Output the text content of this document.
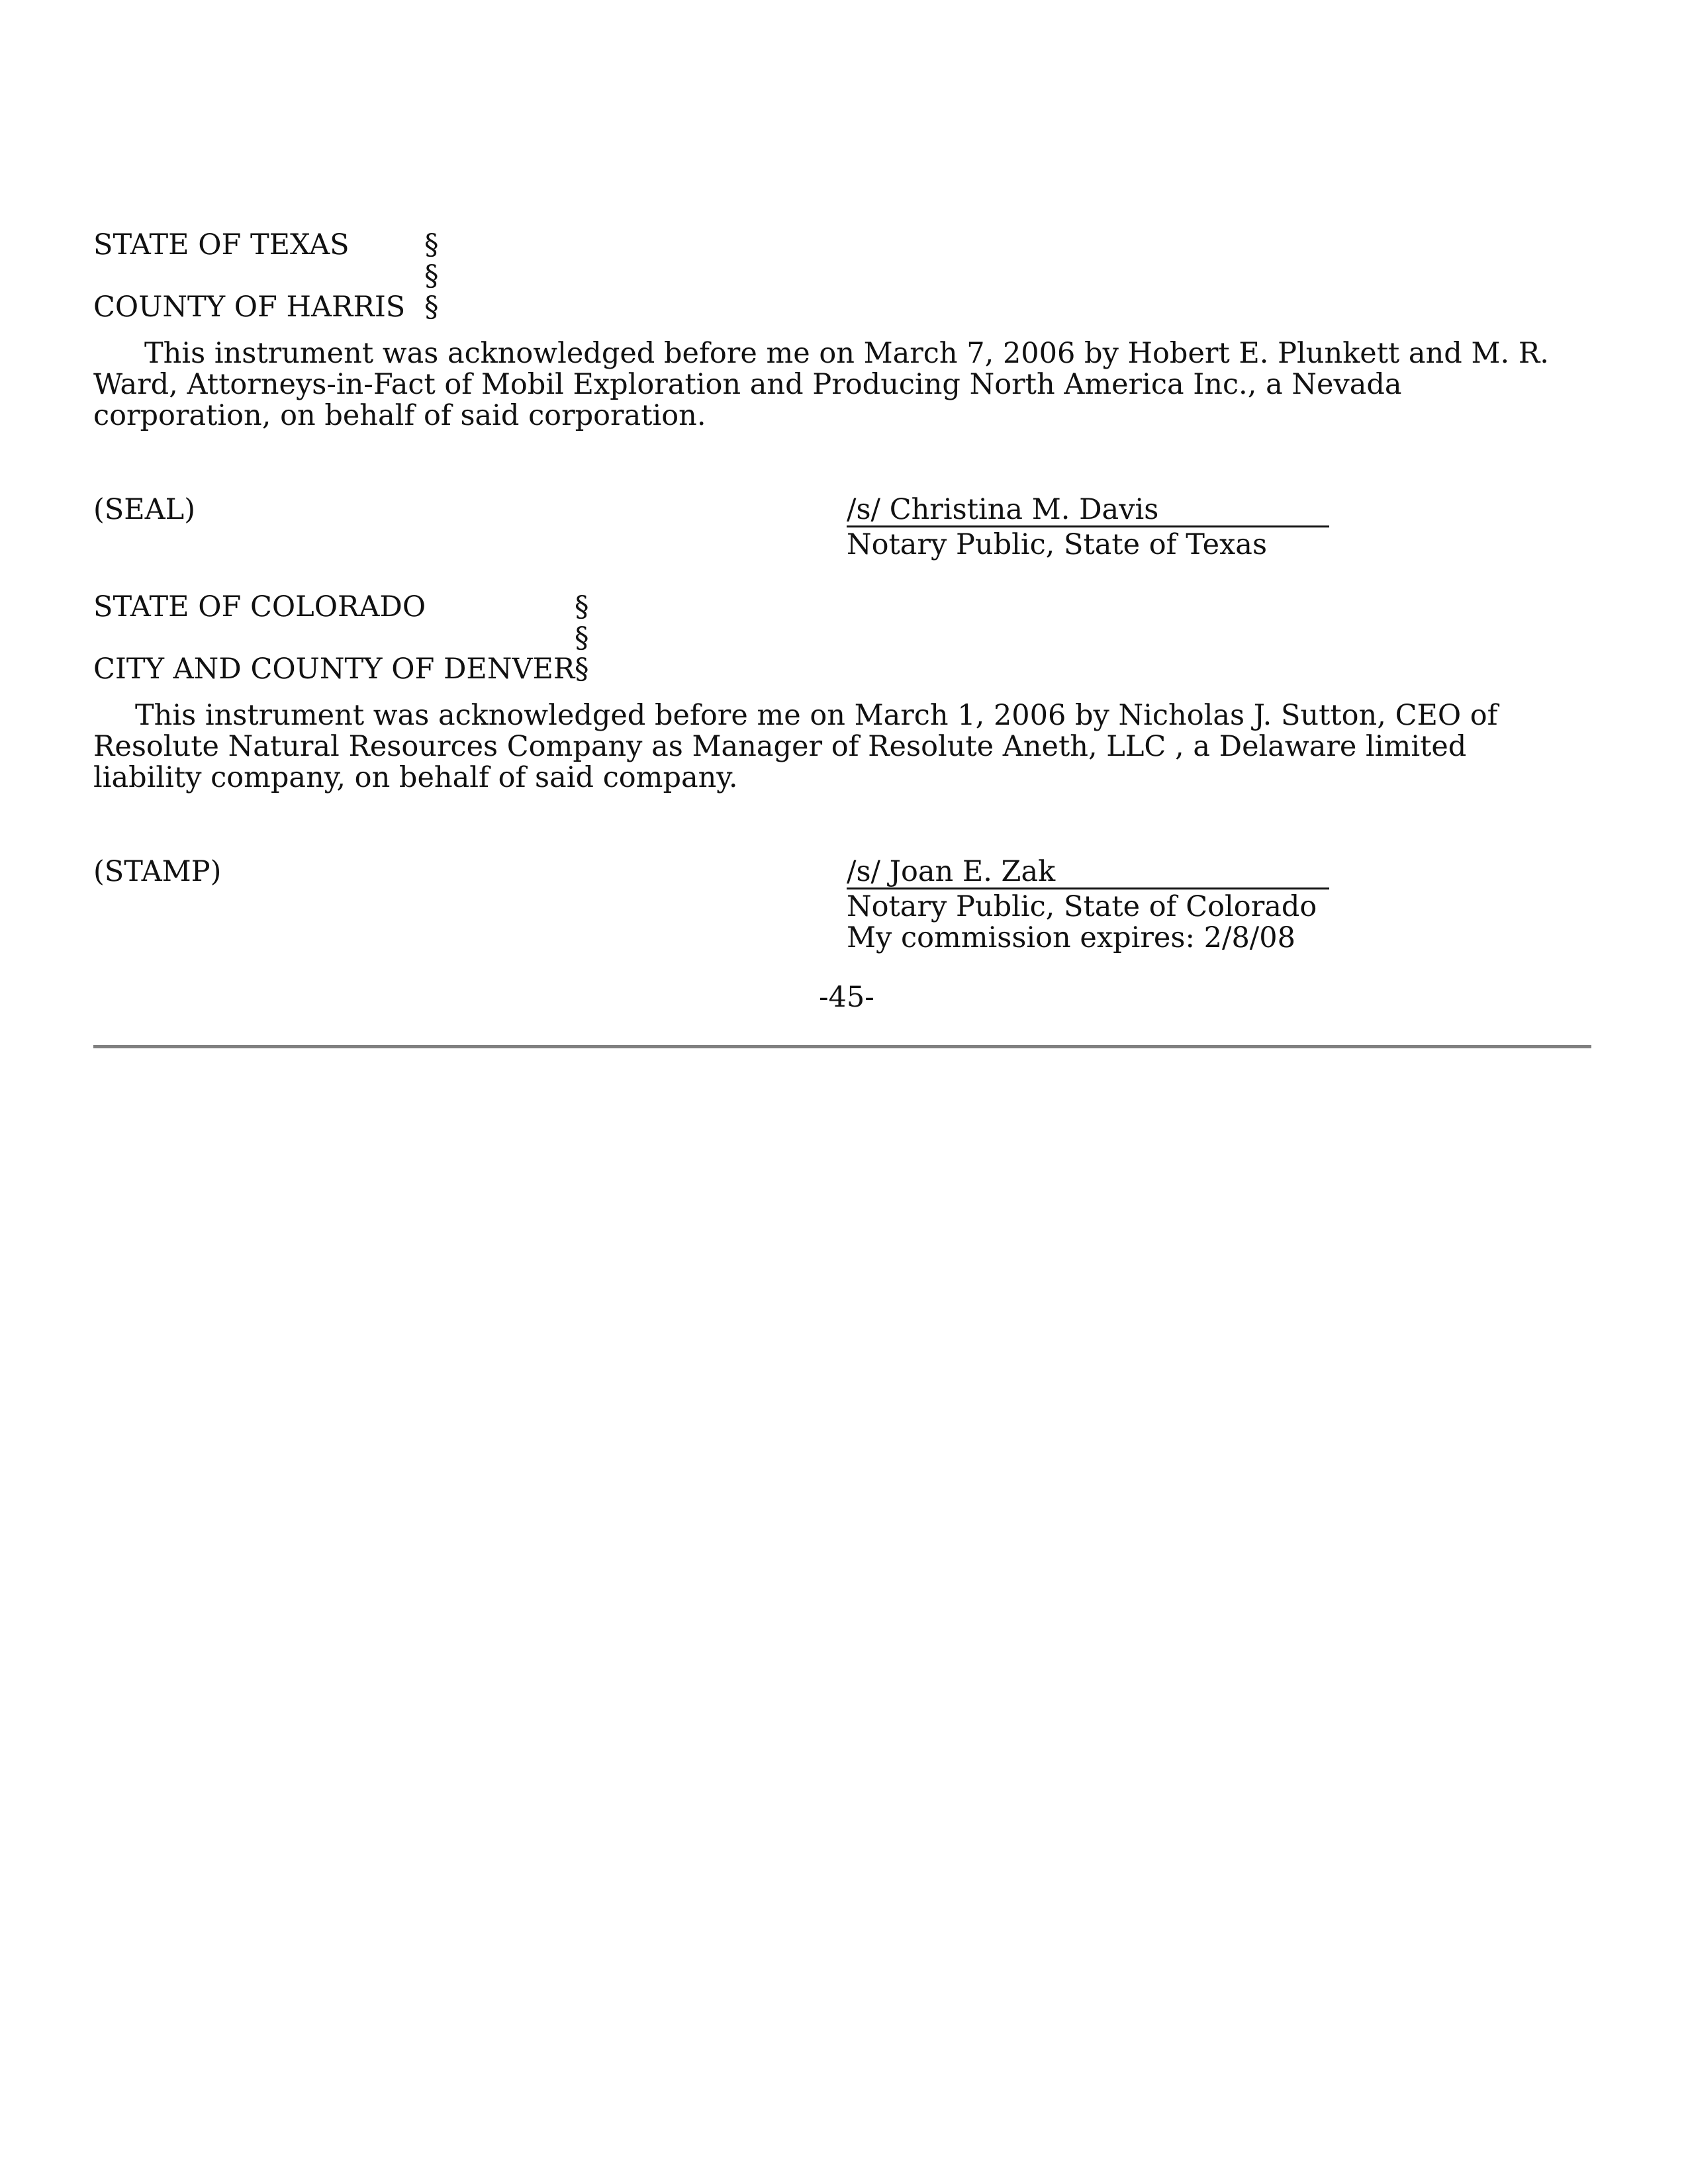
STATE OF TEXAS	§
§
COUNTY OF HARRIS §
This instrument was acknowledged before me on March 7, 2006 by Hobert E. Plunkett and M. R. Ward, Attorneys-in-Fact of Mobil Exploration and Producing North America Inc., a Nevada corporation, on behalf of said corporation.
(SEAL)	/s/ Christina M. Davis
Notary Public, State of Texas
STATE OF COLORADO	§
§
CITY AND COUNTY OF DENVER §
This instrument was acknowledged before me on March 1, 2006 by Nicholas J. Sutton, CEO of Resolute Natural Resources Company as Manager of Resolute Aneth, LLC , a Delaware limited liability company, on behalf of said company.
(STAMP)	/s/ Joan E. Zak
Notary Public, State of Colorado
My commission expires: 2/8/08
-45-
